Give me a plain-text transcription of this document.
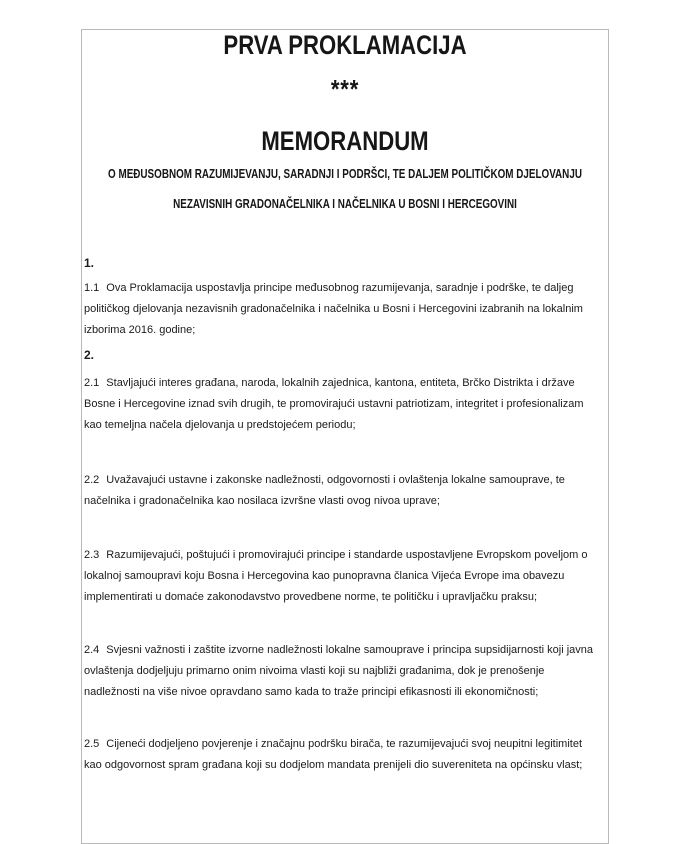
PRVA PROKLAMACIJA
***
MEMORANDUM
O MEĐUSOBNOM RAZUMIJEVANJU, SARADNJI I PODRŠCI, TE DALJEM POLITIČKOM DJELOVANJU
NEZAVISNIH GRADONAČELNIKA I NAČELNIKA U BOSNI I HERCEGOVINI
1.
1.1 Ova Proklamacija uspostavlja principe međusobnog razumijevanja, saradnje i podrške, te daljeg političkog djelovanja nezavisnih gradonačelnika i načelnika u Bosni i Hercegovini izabranih na lokalnim izborima 2016. godine;
2.
2.1 Stavljajući interes građana, naroda, lokalnih zajednica, kantona, entiteta, Brčko Distrikta i države Bosne i Hercegovine iznad svih drugih, te promovirajući ustavni patriotizam, integritet i profesionalizam kao temeljna načela djelovanja u predstojećem periodu;
2.2 Uvažavajući ustavne i zakonske nadležnosti, odgovornosti i ovlaštenja lokalne samouprave, te načelnika i gradonačelnika kao nosilaca izvršne vlasti ovog nivoa uprave;
2.3 Razumijevajući, poštujući i promovirajući principe i standarde uspostavljene Evropskom poveljom o lokalnoj samoupravi koju Bosna i Hercegovina kao punopravna članica Vijeća Evrope ima obavezu implementirati u domaće zakonodavstvo provedbene norme, te političku i upravljačku praksu;
2.4 Svjesni važnosti i zaštite izvorne nadležnosti lokalne samouprave i principa supsidijarnosti koji javna ovlaštenja dodjeljuju primarno onim nivoima vlasti koji su najbliži građanima, dok je prenošenje nadležnosti na više nivoe opravdano samo kada to traže principi efikasnosti ili ekonomičnosti;
2.5 Cijeneći dodjeljeno povjerenje i značajnu podršku birača, te razumijevajući svoj neupitni legitimitet kao odgovornost spram građana koji su dodjelom mandata prenijeli dio suvereniteta na općinsku vlast;
